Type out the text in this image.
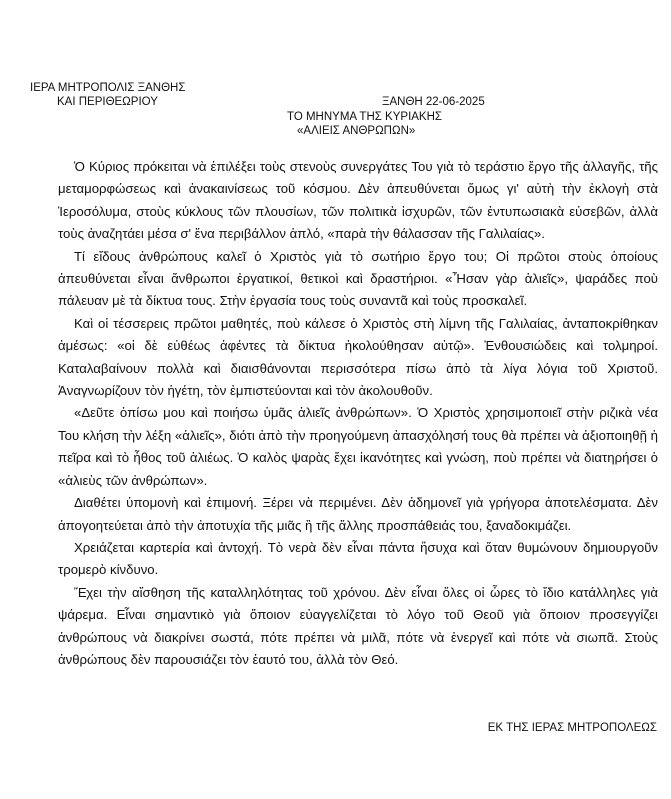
ΙΕΡΑ ΜΗΤΡΟΠΟΛΙΣ ΞΑΝΘΗΣ
ΚΑΙ ΠΕΡΙΘΕΩΡΙΟΥ	ΞΑΝΘΗ 22-06-2025
ΤΟ ΜΗΝΥΜΑ ΤΗΣ ΚΥΡΙΑΚΗΣ
«ΑΛΙΕΙΣ ΑΝΘΡΩΠΩΝ»

Ὁ Κύριος πρόκειται νὰ ἐπιλέξει τοὺς στενοὺς συνεργάτες Του γιὰ τὸ τεράστιο ἔργο τῆς ἀλλαγῆς, τῆς μεταμορφώσεως καὶ ἀνακαινίσεως τοῦ κόσμου. Δὲν ἀπευθύνεται ὅμως γι' αὐτὴ τὴν ἐκλογὴ στὰ Ἱεροσόλυμα, στοὺς κύκλους τῶν πλουσίων, τῶν πολιτικὰ ἰσχυρῶν, τῶν ἐντυπωσιακὰ εὐσεβῶν, ἀλλὰ τοὺς ἀναζητάει μέσα σ' ἕνα περιβάλλον ἁπλό, «παρὰ τὴν θάλασσαν τῆς Γαλιλαίας».

Τί εἴδους ἀνθρώπους καλεῖ ὁ Χριστὸς γιὰ τὸ σωτήριο ἔργο του; Οἱ πρῶτοι στοὺς ὁποίους ἀπευθύνεται εἶναι ἄνθρωποι ἐργατικοί, θετικοὶ καὶ δραστήριοι. «Ἦσαν γὰρ ἁλιεῖς», ψαράδες ποὺ πάλευαν μὲ τὰ δίκτυα τους. Στὴν ἐργασία τους τοὺς συναντᾶ καὶ τοὺς προσκαλεῖ.

Καὶ οἱ τέσσερεις πρῶτοι μαθητές, ποὺ κάλεσε ὁ Χριστὸς στὴ λίμνη τῆς Γαλιλαίας, ἀνταποκρίθηκαν ἀμέσως: «οἱ δὲ εὐθέως ἀφέντες τὰ δίκτυα ἠκολούθησαν αὐτῷ». Ἐνθουσιώδεις καὶ τολμηροί. Καταλαβαίνουν πολλὰ καὶ διαισθάνονται περισσότερα πίσω ἀπὸ τὰ λίγα λόγια τοῦ Χριστοῦ. Ἀναγνωρίζουν τὸν ἡγέτη, τὸν ἐμπιστεύονται καὶ τὸν ἀκολουθοῦν.

«Δεῦτε ὀπίσω μου καὶ ποιήσω ὑμᾶς ἁλιεῖς ἀνθρώπων». Ὁ Χριστὸς χρησιμοποιεῖ στὴν ριζικὰ νέα Του κλήση τὴν λέξη «ἁλιεῖς», διότι ἀπὸ τὴν προηγούμενη ἀπασχόλησή τους θὰ πρέπει νὰ ἀξιοποιηθῇ ἡ πεῖρα καὶ τὸ ἦθος τοῦ ἁλιέως. Ὁ καλὸς ψαρὰς ἔχει ἱκανότητες καὶ γνώση, ποὺ πρέπει νὰ διατηρήσει ὁ «ἁλιεὺς τῶν ἀνθρώπων».

Διαθέτει ὑπομονὴ καὶ ἐπιμονή. Ξέρει νὰ περιμένει. Δὲν ἀδημονεῖ γιὰ γρήγορα ἀποτελέσματα. Δὲν ἀπογοητεύεται ἀπὸ τὴν ἀποτυχία τῆς μιᾶς ἢ τῆς ἄλλης προσπάθειάς του, ξαναδοκιμάζει.

Χρειάζεται καρτερία καὶ ἀντοχή. Τὸ νερὰ δὲν εἶναι πάντα ἥσυχα καὶ ὅταν θυμώνουν δημιουργοῦν τρομερὸ κίνδυνο.

Ἔχει τὴν αἴσθηση τῆς καταλληλότητας τοῦ χρόνου. Δὲν εἶναι ὅλες οἱ ὧρες τὸ ἴδιο κατάλληλες γιὰ ψάρεμα. Εἶναι σημαντικὸ γιὰ ὅποιον εὐαγγελίζεται τὸ λόγο τοῦ Θεοῦ γιὰ ὅποιον προσεγγίζει ἀνθρώπους νὰ διακρίνει σωστά, πότε πρέπει νὰ μιλᾶ, πότε νὰ ἐνεργεῖ καὶ πότε νὰ σιωπᾶ. Στοὺς ἀνθρώπους δὲν παρουσιάζει τὸν ἑαυτό του, ἀλλὰ τὸν Θεό.

ΕΚ ΤΗΣ ΙΕΡΑΣ ΜΗΤΡΟΠΟΛΕΩΣ
